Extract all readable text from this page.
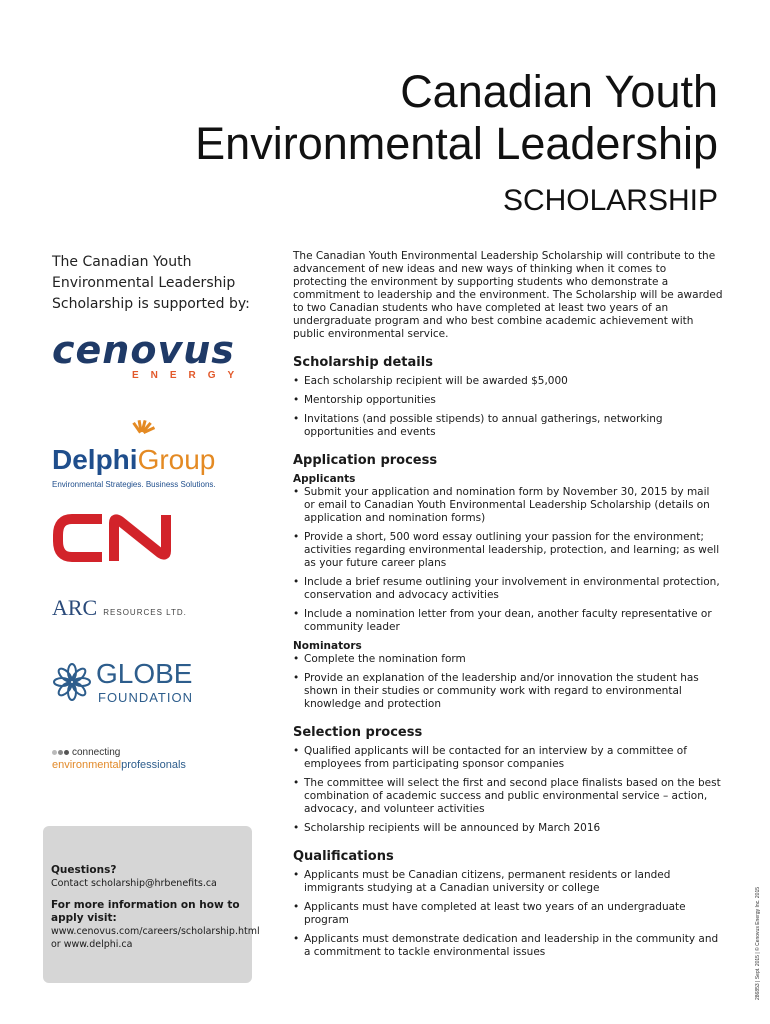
Canadian Youth
Environmental Leadership
SCHOLARSHIP

The Canadian Youth Environmental Leadership Scholarship is supported by:

cenovus
ENERGY
DelphiGroup
Environmental Strategies. Business Solutions.
ARC RESOURCES LTD.
GLOBE
FOUNDATION
connecting
environmentalprofessionals

Questions?

Contact scholarship@hrbenefits.ca

For more information on how to apply visit:

www.cenovus.com/careers/scholarship.html

or www.delphi.ca

The Canadian Youth Environmental Leadership Scholarship will contribute to the advancement of new ideas and new ways of thinking when it comes to protecting the environment by supporting students who demonstrate a commitment to leadership and the environment. The Scholarship will be awarded to two Canadian students who have completed at least two years of an undergraduate program and who best combine academic achievement with public environmental service.

Scholarship details
• Each scholarship recipient will be awarded $5,000
• Mentorship opportunities
• Invitations (and possible stipends) to annual gatherings, networking opportunities and events
Application process
Applicants
• Submit your application and nomination form by November 30, 2015 by mail or email to Canadian Youth Environmental Leadership Scholarship (details on application and nomination forms)
• Provide a short, 500 word essay outlining your passion for the environment; activities regarding environmental leadership, protection, and learning; as well as your future career plans
• Include a brief resume outlining your involvement in environmental protection, conservation and advocacy activities
• Include a nomination letter from your dean, another faculty representative or community leader
Nominators
• Complete the nomination form
• Provide an explanation of the leadership and/or innovation the student has shown in their studies or community work with regard to environmental knowledge and protection
Selection process
• Qualified applicants will be contacted for an interview by a committee of employees from participating sponsor companies
• The committee will select the first and second place finalists based on the best combination of academic success and public environmental service – action, advocacy, and volunteer activities
• Scholarship recipients will be announced by March 2016
Qualifications
• Applicants must be Canadian citizens, permanent residents or landed immigrants studying at a Canadian university or college
• Applicants must have completed at least two years of an undergraduate program
• Applicants must demonstrate dedication and leadership in the community and a commitment to tackle environmental issues	286853 | Sept. 2015 | © Cenovus Energy Inc. 2015
